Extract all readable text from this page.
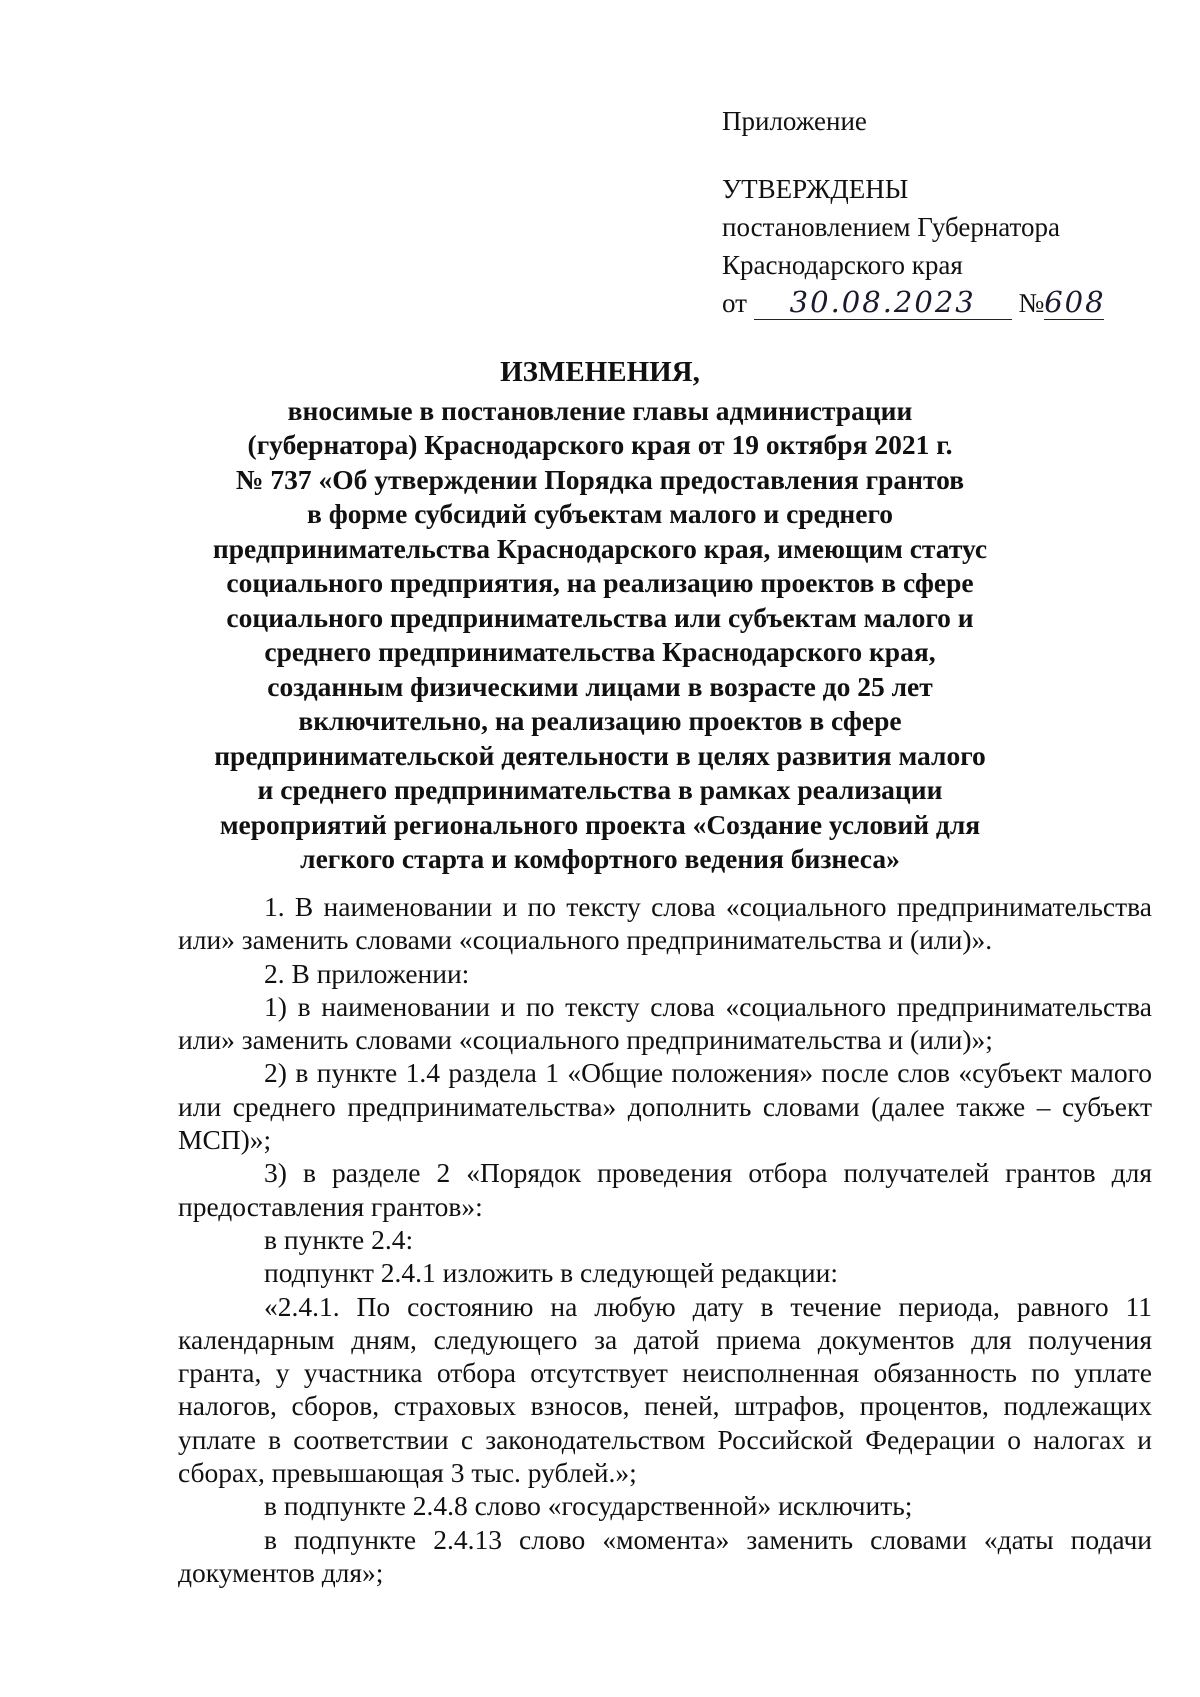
Приложение
УТВЕРЖДЕНЫ
постановлением Губернатора
Краснодарского края
от 30.08.2023 №608
ИЗМЕНЕНИЯ,
вносимые в постановление главы администрации
(губернатора) Краснодарского края от 19 октября 2021 г.
№ 737 «Об утверждении Порядка предоставления грантов
в форме субсидий субъектам малого и среднего
предпринимательства Краснодарского края, имеющим статус
социального предприятия, на реализацию проектов в сфере
социального предпринимательства или субъектам малого и
среднего предпринимательства Краснодарского края,
созданным физическими лицами в возрасте до 25 лет
включительно, на реализацию проектов в сфере
предпринимательской деятельности в целях развития малого
и среднего предпринимательства в рамках реализации
мероприятий регионального проекта «Создание условий для
легкого старта и комфортного ведения бизнеса»

1. В наименовании и по тексту слова «социального предпринимательства или» заменить словами «социального предпринимательства и (или)».

2. В приложении:

1) в наименовании и по тексту слова «социального предпринимательства или» заменить словами «социального предпринимательства и (или)»;

2) в пункте 1.4 раздела 1 «Общие положения» после слов «субъект малого или среднего предпринимательства» дополнить словами (далее также – субъект МСП)»;

3) в разделе 2 «Порядок проведения отбора получателей грантов для предоставления грантов»:

в пункте 2.4:

подпункт 2.4.1 изложить в следующей редакции:

«2.4.1. По состоянию на любую дату в течение периода, равного 11 календарным дням, следующего за датой приема документов для получения гранта, у участника отбора отсутствует неисполненная обязанность по уплате налогов, сборов, страховых взносов, пеней, штрафов, процентов, подлежащих уплате в соответствии с законодательством Российской Федерации о налогах и сборах, превышающая 3 тыс. рублей.»;

в подпункте 2.4.8 слово «государственной» исключить;

в подпункте 2.4.13 слово «момента» заменить словами «даты подачи документов для»;
